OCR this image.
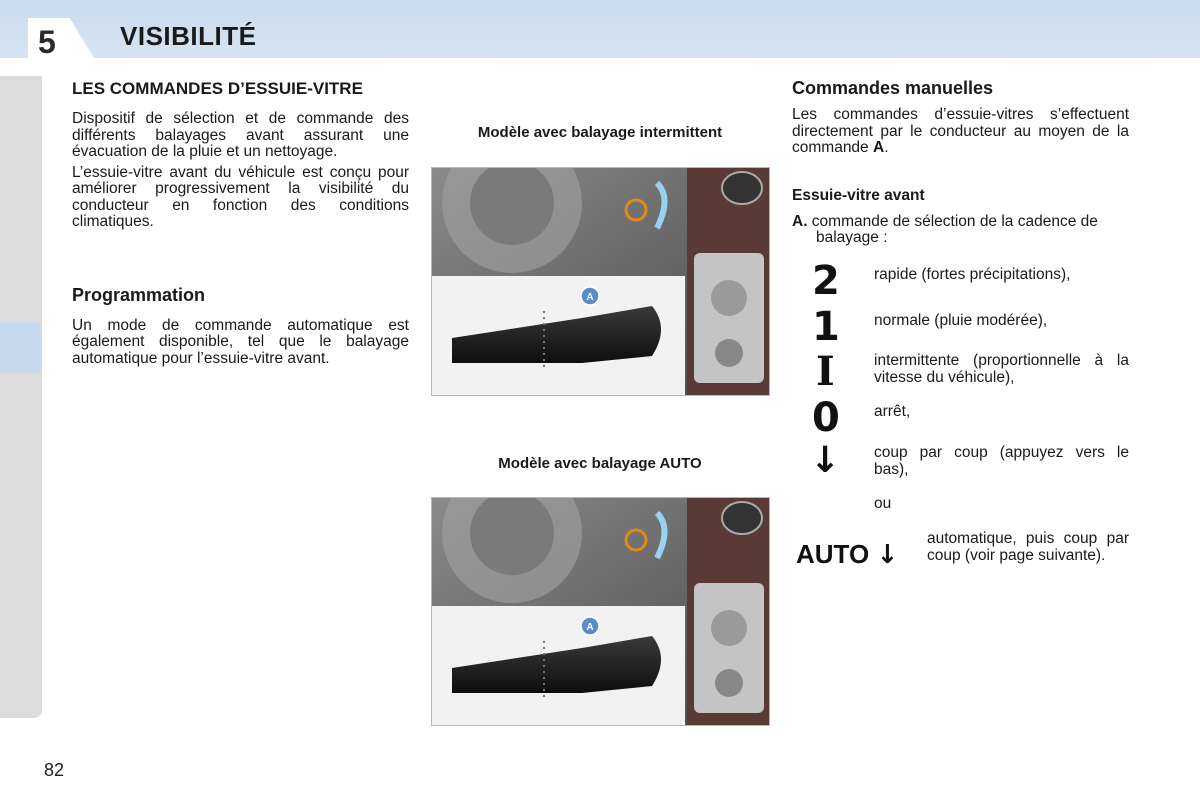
5 VISIBILITÉ
LES COMMANDES D’ESSUIE-VITRE

Dispositif de sélection et de commande des différents balayages avant assurant une évacuation de la pluie et un nettoyage.

L’essuie-vitre avant du véhicule est conçu pour améliorer progressivement la visibilité du conducteur en fonction des conditions climatiques.

Programmation

Un mode de commande automatique est également disponible, tel que le balayage automatique pour l’essuie-vitre avant.

Modèle avec balayage intermittent
A
Modèle avec balayage AUTO
A
Commandes manuelles

Les commandes d’essuie-vitres s’effectuent directement par le conducteur au moyen de la commande A.

Essuie-vitre avant

A. commande de sélection de la cadence de balayage :

2 rapide (fortes précipitations),
1 normale (pluie modérée),
I	intermittente (proportionnelle à la vitesse du véhicule),
0 arrêt,
↓ coup par coup (appuyez vers le bas),
ou
AUTO ↓
automatique, puis coup par coup (voir page suivante).
82
